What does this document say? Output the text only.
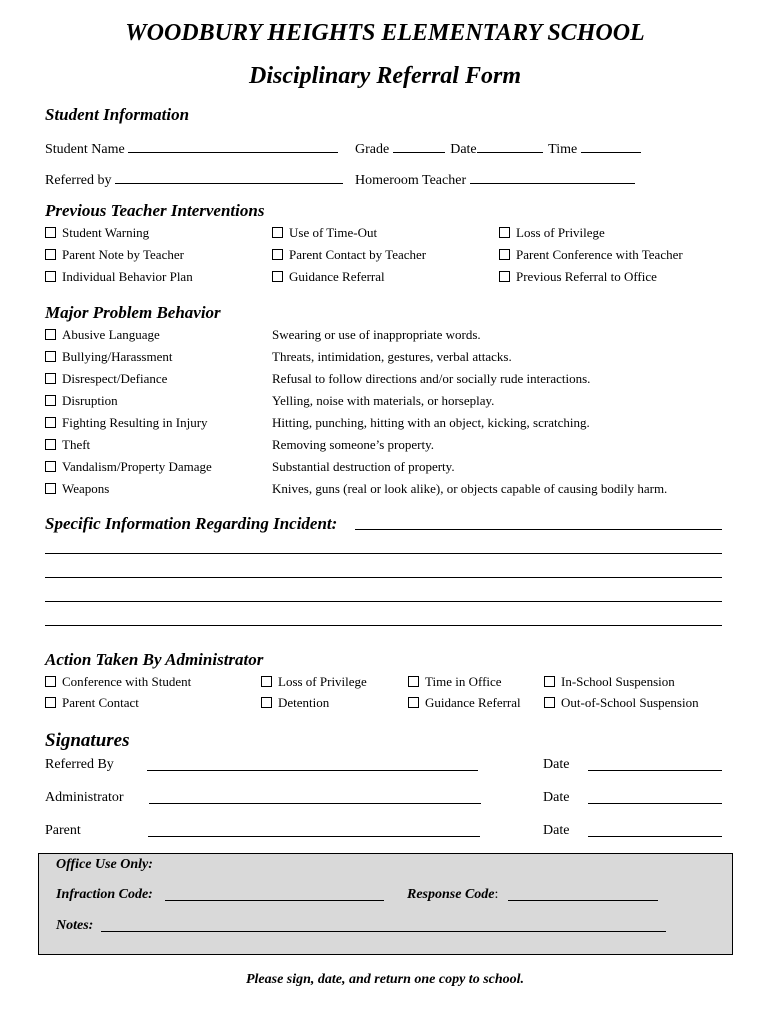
WOODBURY HEIGHTS ELEMENTARY SCHOOL
Disciplinary Referral Form
Student Information
Student Name	Grade	Date	Time
Referred by	Homeroom Teacher
Previous Teacher Interventions
Student Warning	Use of Time-Out	Loss of Privilege
Parent Note by Teacher	Parent Contact by Teacher	Parent Conference with Teacher
Individual Behavior Plan	Guidance Referral	Previous Referral to Office
Major Problem Behavior
Abusive Language	Swearing or use of inappropriate words.
Bullying/Harassment	Threats, intimidation, gestures, verbal attacks.
Disrespect/Defiance	Refusal to follow directions and/or socially rude interactions.
Disruption	Yelling, noise with materials, or horseplay.
Fighting Resulting in Injury	Hitting, punching, hitting with an object, kicking, scratching.
Theft	Removing someone’s property.
Vandalism/Property Damage	Substantial destruction of property.
Weapons	Knives, guns (real or look alike), or objects capable of causing bodily harm.
Specific Information Regarding Incident:
Action Taken By Administrator
Conference with Student	Loss of Privilege	Time in Office	In-School Suspension
Parent Contact	Detention	Guidance Referral	Out-of-School Suspension
Signatures
Referred By	Date
Administrator	Date
Parent	Date
Office Use Only:
Infraction Code:	Response Code:
Notes:
Please sign, date, and return one copy to school.
